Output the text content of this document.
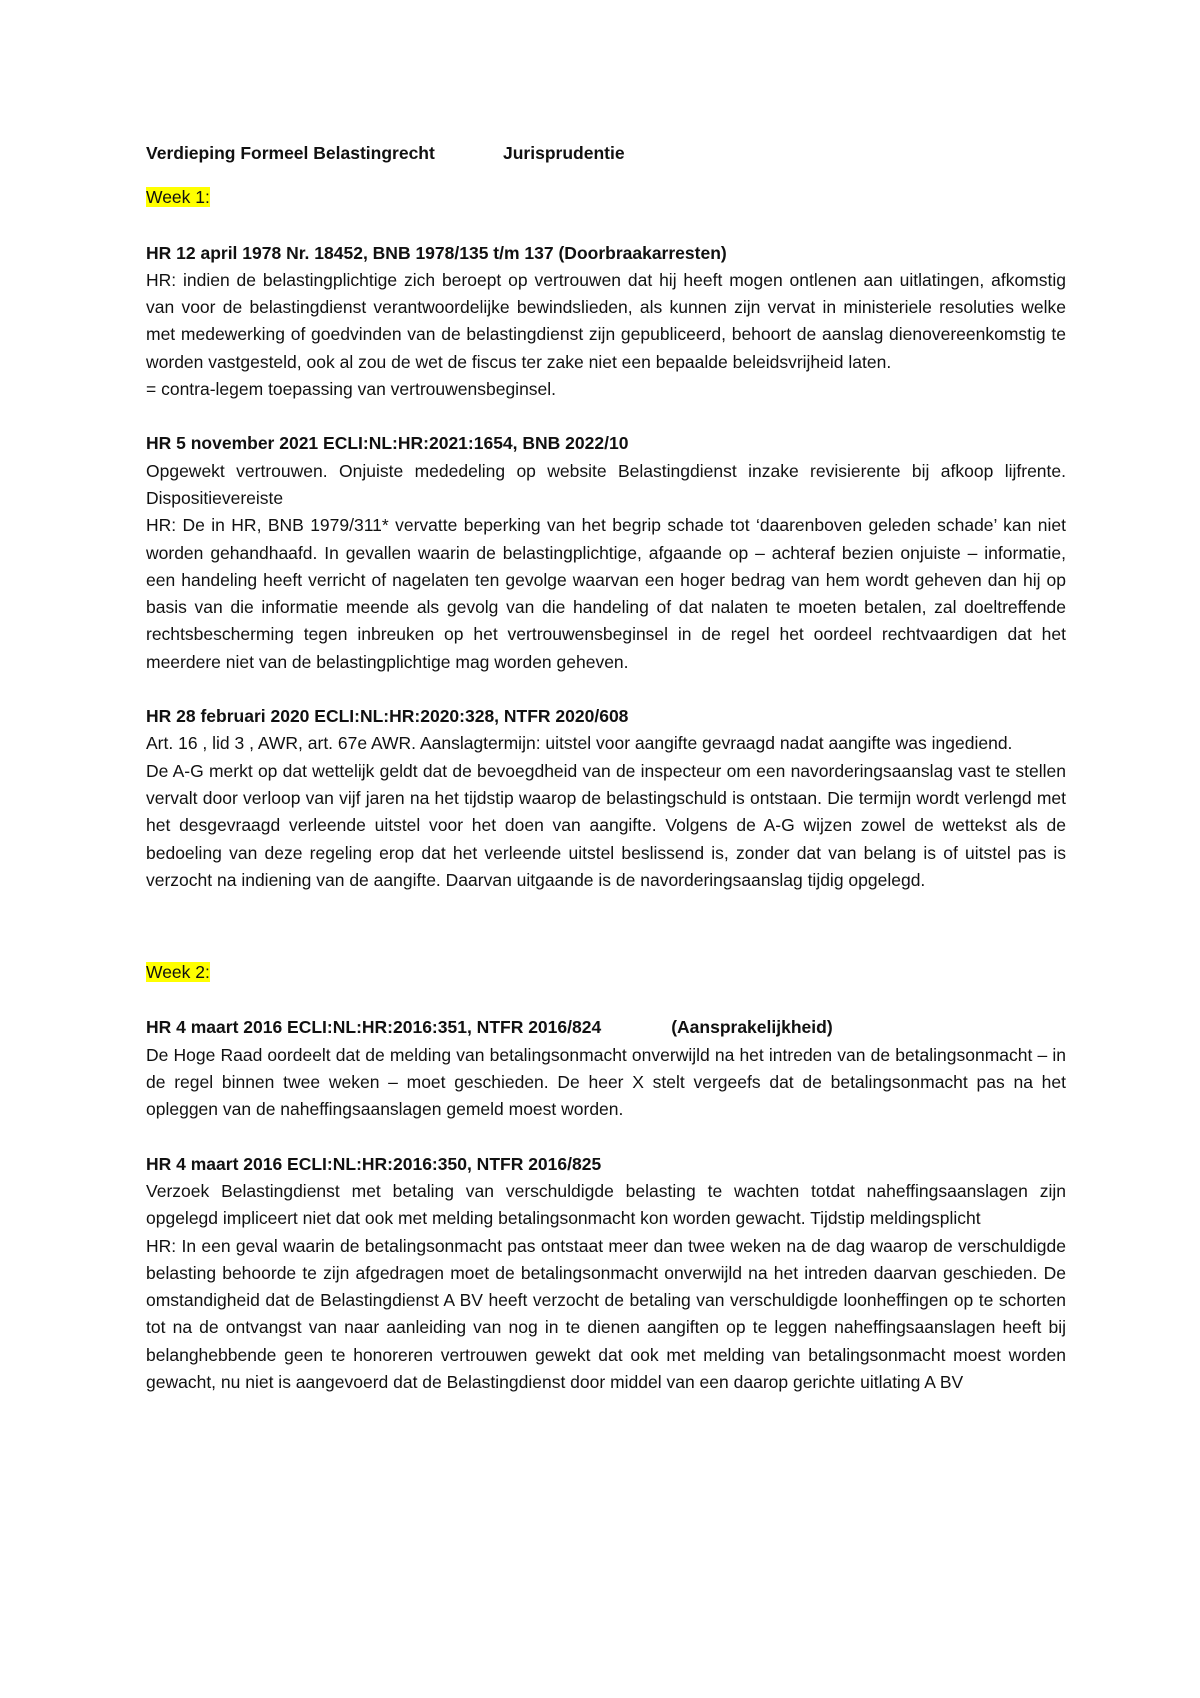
Verdieping Formeel Belastingrecht	Jurisprudentie
Week 1:
HR 12 april 1978 Nr. 18452, BNB 1978/135 t/m 137 (Doorbraakarresten)

HR: indien de belastingplichtige zich beroept op vertrouwen dat hij heeft mogen ontlenen aan uitlatingen, afkomstig van voor de belastingdienst verantwoordelijke bewindslieden, als kunnen zijn vervat in ministeriele resoluties welke met medewerking of goedvinden van de belastingdienst zijn gepubliceerd, behoort de aanslag dienovereenkomstig te worden vastgesteld, ook al zou de wet de fiscus ter zake niet een bepaalde beleidsvrijheid laten.

= contra-legem toepassing van vertrouwensbeginsel.

HR 5 november 2021 ECLI:NL:HR:2021:1654, BNB 2022/10

Opgewekt vertrouwen. Onjuiste mededeling op website Belastingdienst inzake revisierente bij afkoop lijfrente. Dispositievereiste

HR: De in HR, BNB 1979/311* vervatte beperking van het begrip schade tot ‘daarenboven geleden schade’ kan niet worden gehandhaafd. In gevallen waarin de belastingplichtige, afgaande op – achteraf bezien onjuiste – informatie, een handeling heeft verricht of nagelaten ten gevolge waarvan een hoger bedrag van hem wordt geheven dan hij op basis van die informatie meende als gevolg van die handeling of dat nalaten te moeten betalen, zal doeltreffende rechtsbescherming tegen inbreuken op het vertrouwensbeginsel in de regel het oordeel rechtvaardigen dat het meerdere niet van de belastingplichtige mag worden geheven.

HR 28 februari 2020 ECLI:NL:HR:2020:328, NTFR 2020/608

Art. 16 , lid 3 , AWR, art. 67e AWR. Aanslagtermijn: uitstel voor aangifte gevraagd nadat aangifte was ingediend.

De A-G merkt op dat wettelijk geldt dat de bevoegdheid van de inspecteur om een navorderingsaanslag vast te stellen vervalt door verloop van vijf jaren na het tijdstip waarop de belastingschuld is ontstaan. Die termijn wordt verlengd met het desgevraagd verleende uitstel voor het doen van aangifte. Volgens de A-G wijzen zowel de wettekst als de bedoeling van deze regeling erop dat het verleende uitstel beslissend is, zonder dat van belang is of uitstel pas is verzocht na indiening van de aangifte. Daarvan uitgaande is de navorderingsaanslag tijdig opgelegd.

Week 2:
HR 4 maart 2016 ECLI:NL:HR:2016:351, NTFR 2016/824	(Aansprakelijkheid)

De Hoge Raad oordeelt dat de melding van betalingsonmacht onverwijld na het intreden van de betalingsonmacht – in de regel binnen twee weken – moet geschieden. De heer X stelt vergeefs dat de betalingsonmacht pas na het opleggen van de naheffingsaanslagen gemeld moest worden.

HR 4 maart 2016 ECLI:NL:HR:2016:350, NTFR 2016/825

Verzoek Belastingdienst met betaling van verschuldigde belasting te wachten totdat naheffingsaanslagen zijn opgelegd impliceert niet dat ook met melding betalingsonmacht kon worden gewacht. Tijdstip meldingsplicht

HR: In een geval waarin de betalingsonmacht pas ontstaat meer dan twee weken na de dag waarop de verschuldigde belasting behoorde te zijn afgedragen moet de betalingsonmacht onverwijld na het intreden daarvan geschieden. De omstandigheid dat de Belastingdienst A BV heeft verzocht de betaling van verschuldigde loonheffingen op te schorten tot na de ontvangst van naar aanleiding van nog in te dienen aangiften op te leggen naheffingsaanslagen heeft bij belanghebbende geen te honoreren vertrouwen gewekt dat ook met melding van betalingsonmacht moest worden gewacht, nu niet is aangevoerd dat de Belastingdienst door middel van een daarop gerichte uitlating A BV
